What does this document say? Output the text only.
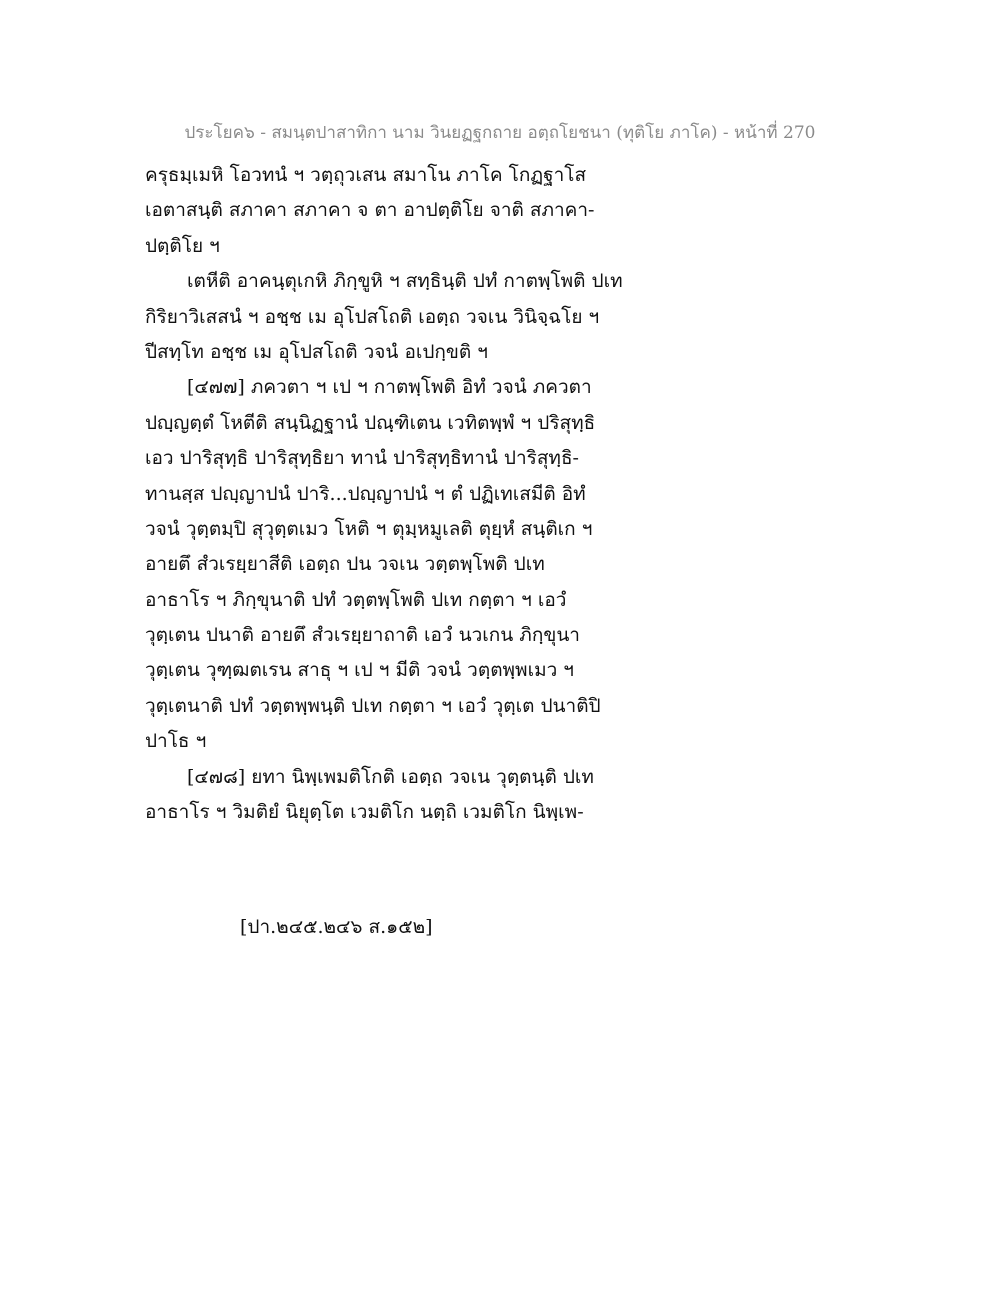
ประโยค๖ - สมนฺตปาสาทิกา นาม วินยฏฐกถาย อตฺถโยชนา (ทุติโย ภาโค) - หน้าที่ 270
ครุธมฺเมหิ โอวทนํ ฯ วตฺถุวเสน สมาโน ภาโค โกฏฐาโส
เอตาสนฺติ สภาคา สภาคา จ ตา อาปตฺติโย จาติ สภาคา-
ปตฺติโย ฯ
เตหีติ อาคนฺตุเกหิ ภิกฺขูหิ ฯ สทฺธินฺติ ปทํ กาตพฺโพติ ปเท
กิริยาวิเสสนํ ฯ อชฺช เม อุโปสโถติ เอตฺถ วจเน วินิจฺฉโย ฯ
ปีสทฺโท อชฺช เม อุโปสโถติ วจนํ อเปกฺขติ ฯ
[๔๗๗] ภควตา ฯ เป ฯ กาตพฺโพติ อิทํ วจนํ ภควตา
ปญฺญตฺตํ โหตีติ สนฺนิฏฐานํ ปณฺฑิเตน เวทิตพฺพํ ฯ ปริสุทฺธิ
เอว ปาริสุทฺธิ ปาริสุทฺธิยา ทานํ ปาริสุทฺธิทานํ ปาริสุทฺธิ-
ทานสฺส ปญฺญาปนํ ปาริ...ปญฺญาปนํ ฯ ตํ ปฏิเทเสมีติ อิทํ
วจนํ วุตฺตมฺปิ สุวุตฺตเมว โหติ ฯ ตุมฺหมูเลติ ตุยฺหํ สนฺติเก ฯ
อายตึ สํวเรยฺยาสีติ เอตฺถ ปน วจเน วตฺตพฺโพติ ปเท
อาธาโร ฯ ภิกฺขุนาติ ปทํ วตฺตพฺโพติ ปเท กตฺตา ฯ เอวํ
วุตฺเตน ปนาติ อายตึ สํวเรยฺยาถาติ เอวํ นวเกน ภิกฺขุนา
วุตฺเตน วุฑฺฒตเรน สาธุ ฯ เป ฯ มีติ วจนํ วตฺตพฺพเมว ฯ
วุตฺเตนาติ ปทํ วตฺตพฺพนฺติ ปเท กตฺตา ฯ เอวํ วุตฺเต ปนาติปิ
ปาโธ ฯ
[๔๗๘] ยทา นิพฺเพมติโกติ เอตฺถ วจเน วุตฺตนฺติ ปเท
อาธาโร ฯ วิมติยํ นิยุตฺโต เวมติโก นตฺถิ เวมติโก นิพฺเพ-
[ปา.๒๔๕.๒๔๖ ส.๑๕๒]
